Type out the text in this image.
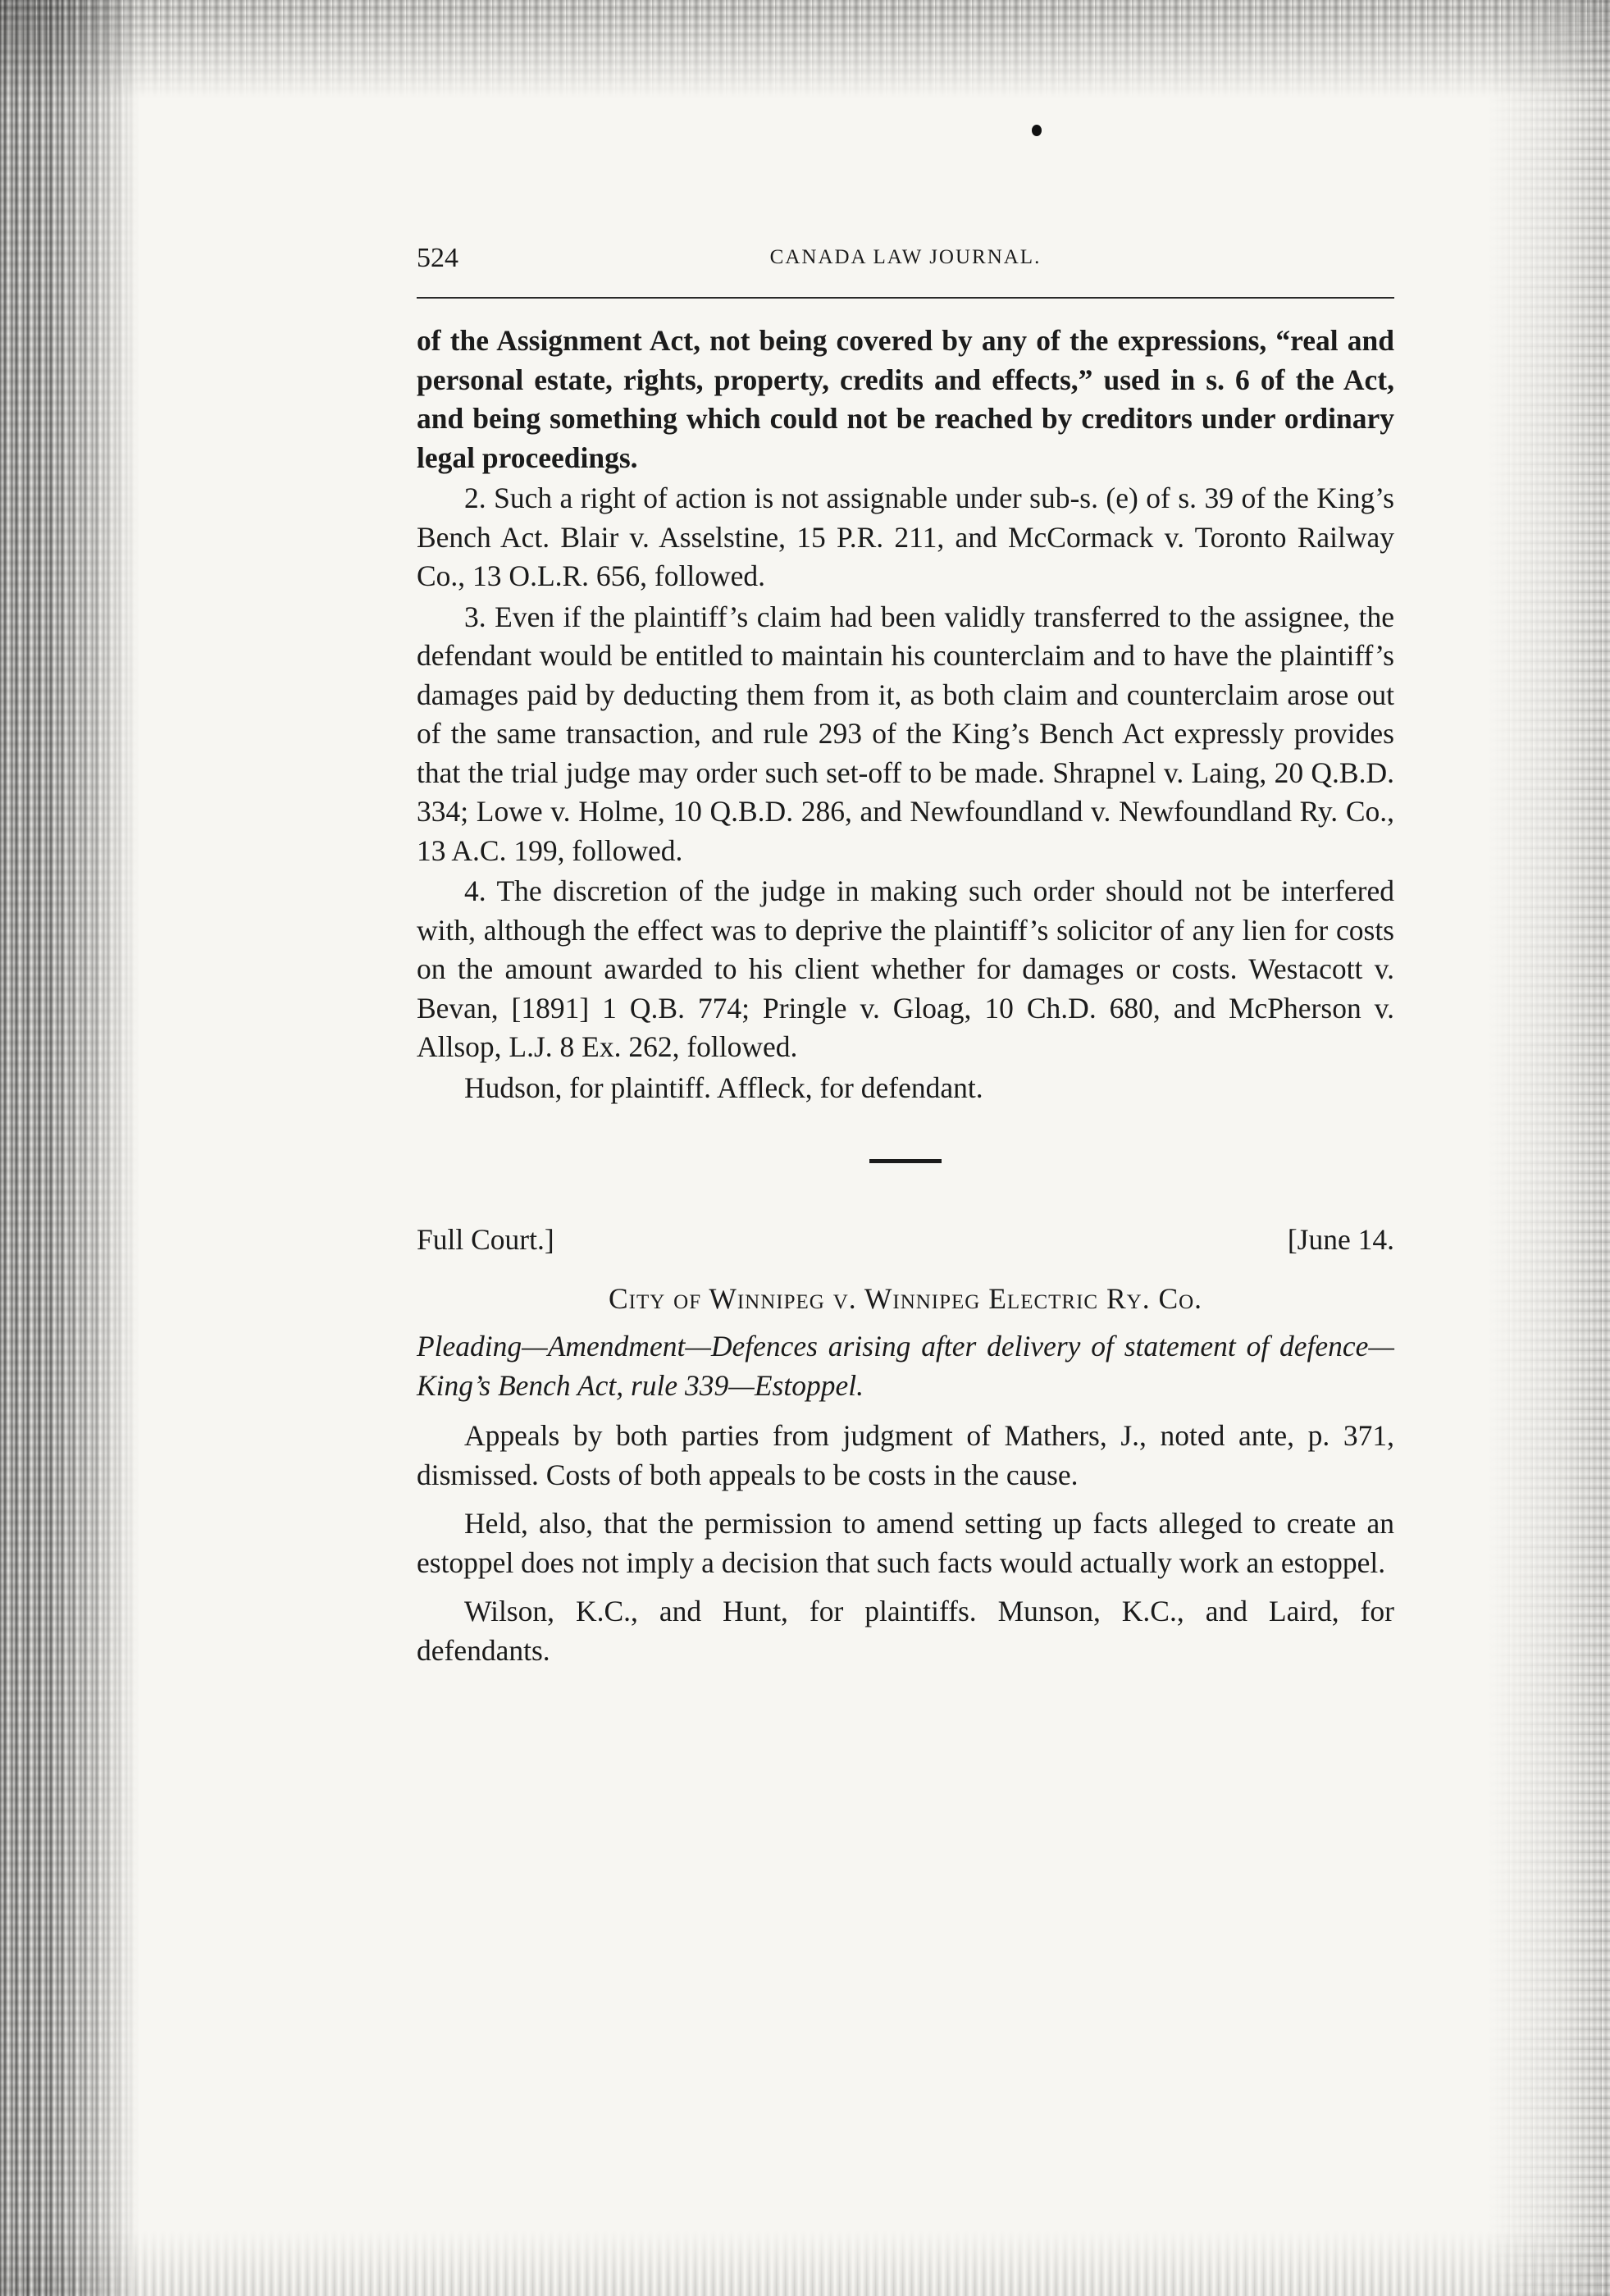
524	CANADA LAW JOURNAL.

of the Assignment Act, not being covered by any of the expressions, “real and personal estate, rights, property, credits and effects,” used in s. 6 of the Act, and being something which could not be reached by creditors under ordinary legal proceedings.

2. Such a right of action is not assignable under sub-s. (e) of s. 39 of the King’s Bench Act. Blair v. Asselstine, 15 P.R. 211, and McCormack v. Toronto Railway Co., 13 O.L.R. 656, followed.

3. Even if the plaintiff’s claim had been validly transferred to the assignee, the defendant would be entitled to maintain his counterclaim and to have the plaintiff’s damages paid by deducting them from it, as both claim and counterclaim arose out of the same transaction, and rule 293 of the King’s Bench Act expressly provides that the trial judge may order such set-off to be made. Shrapnel v. Laing, 20 Q.B.D. 334; Lowe v. Holme, 10 Q.B.D. 286, and Newfoundland v. Newfoundland Ry. Co., 13 A.C. 199, followed.

4. The discretion of the judge in making such order should not be interfered with, although the effect was to deprive the plaintiff’s solicitor of any lien for costs on the amount awarded to his client whether for damages or costs. Westacott v. Bevan, [1891] 1 Q.B. 774; Pringle v. Gloag, 10 Ch.D. 680, and McPherson v. Allsop, L.J. 8 Ex. 262, followed.

Hudson, for plaintiff. Affleck, for defendant.

Full Court.]	[June 14.
City of Winnipeg v. Winnipeg Electric Ry. Co.
Pleading—Amendment—Defences arising after delivery of statement of defence—King’s Bench Act, rule 339—Estoppel.

Appeals by both parties from judgment of Mathers, J., noted ante, p. 371, dismissed. Costs of both appeals to be costs in the cause.

Held, also, that the permission to amend setting up facts alleged to create an estoppel does not imply a decision that such facts would actually work an estoppel.

Wilson, K.C., and Hunt, for plaintiffs. Munson, K.C., and Laird, for defendants.
